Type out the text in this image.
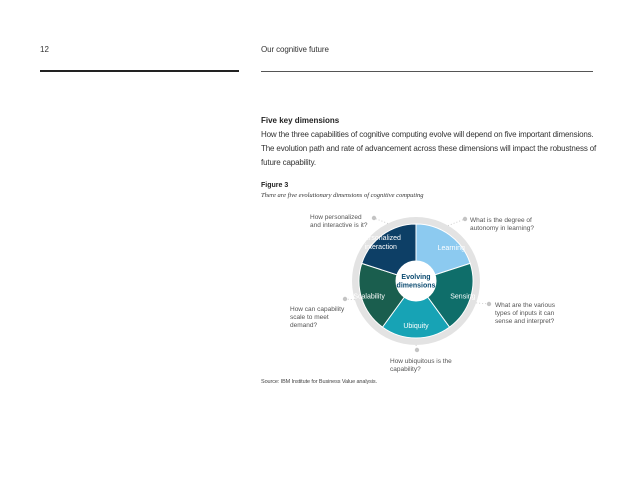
12	Our cognitive future
Five key dimensions
How the three capabilities of cognitive computing evolve will depend on five important dimensions. The evolution path and rate of advancement across these dimensions will impact the robustness of future capability.
Figure 3
There are five evolutionary dimensions of cognitive computing
Learning
Sensing
Ubiquity
Scalability
Personalized interaction
Evolving dimensions
How personalized and interactive is it?
What is the degree of autonomy in learning?
What are the various types of inputs it can sense and interpret?
How ubiquitous is the capability?
How can capability scale to meet demand?
Source: IBM Institute for Business Value analysis.
